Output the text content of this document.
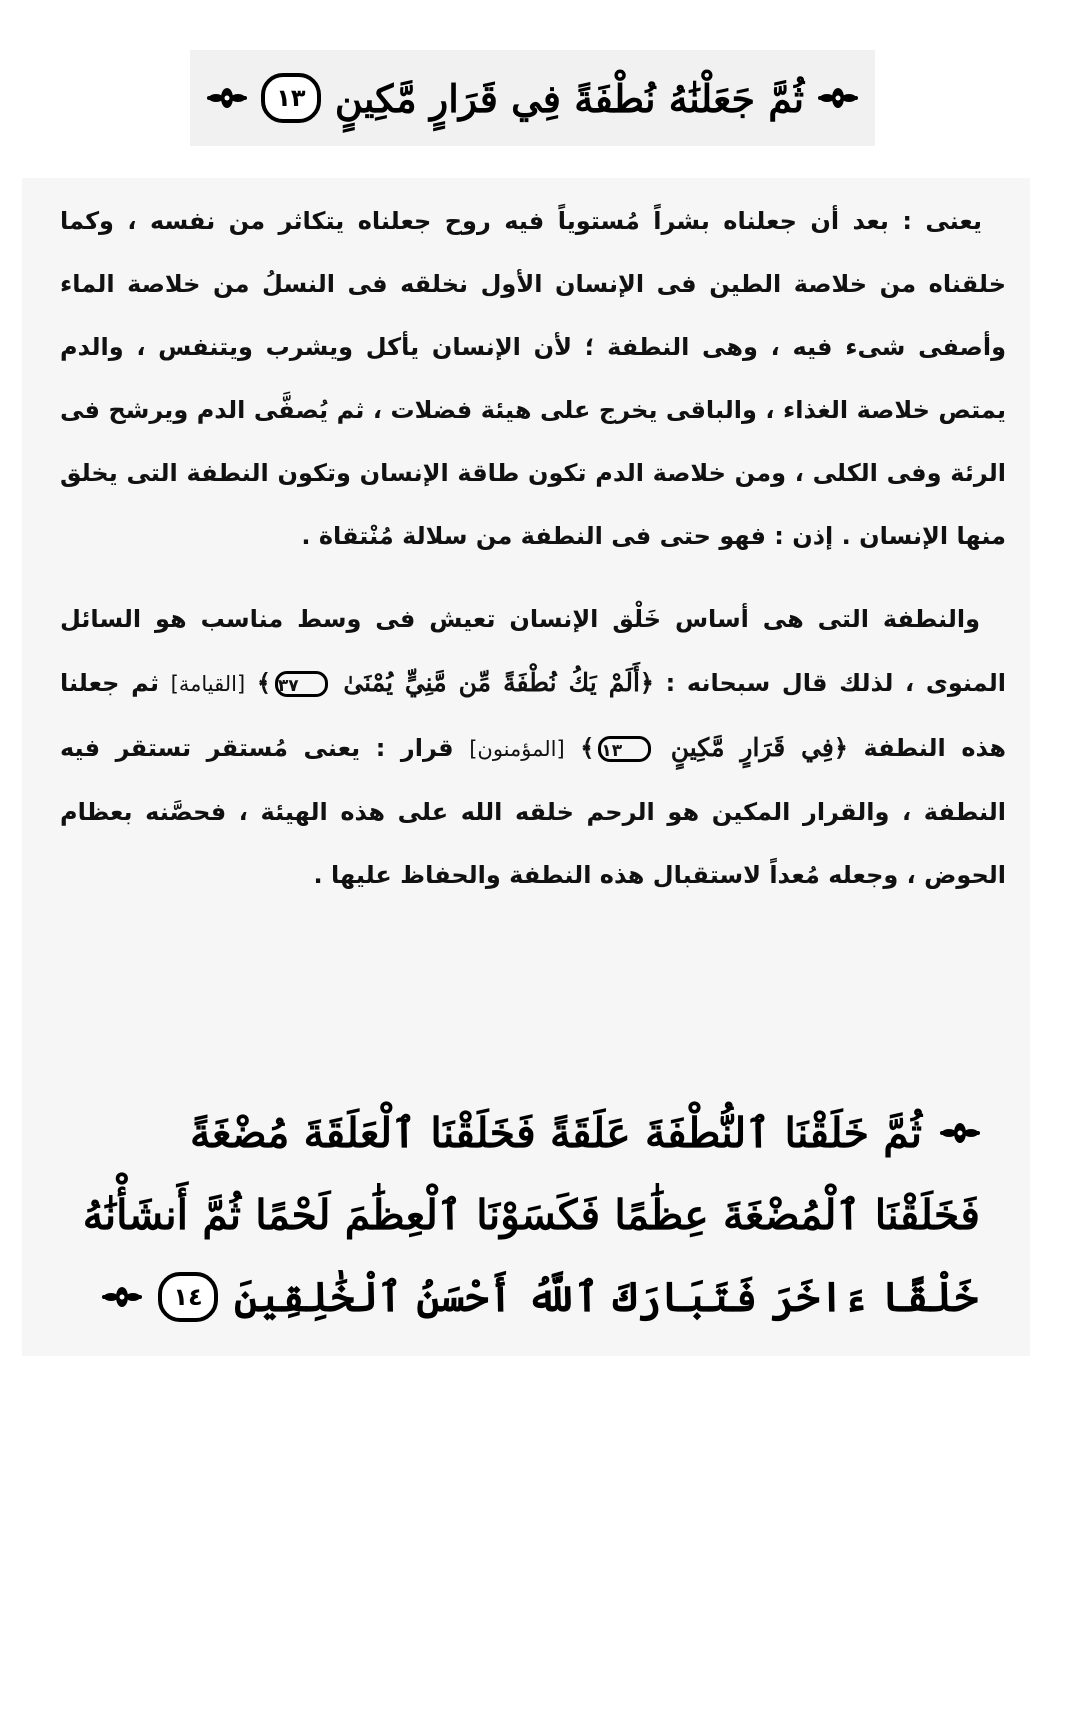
ثُمَّ جَعَلْنَٰهُ نُطْفَةً فِي قَرَارٍ مَّكِينٍ
١٣

يعنى : بعد أن جعلناه بشراً مُستوياً فيه روح جعلناه يتكاثر من نفسه ، وكما خلقناه من خلاصة الطين فى الإنسان الأول نخلقه فى النسلُ من خلاصة الماء وأصفى شىء فيه ، وهى النطفة ؛ لأن الإنسان يأكل ويشرب ويتنفس ، والدم يمتص خلاصة الغذاء ، والباقى يخرج على هيئة فضلات ، ثم يُصفَّى الدم ويرشح فى الرئة وفى الكلى ، ومن خلاصة الدم تكون طاقة الإنسان وتكون النطفة التى يخلق منها الإنسان . إذن : فهو حتى فى النطفة من سلالة مُنْتقاة .

والنطفة التى هى أساس خَلْق الإنسان تعيش فى وسط مناسب هو السائل المنوى ، لذلك قال سبحانه : ﴿أَلَمْ يَكُ نُطْفَةً مِّن مَّنِيٍّ يُمْنَىٰ ٣٧﴾ [القيامة] ثم جعلنا هذه النطفة ﴿فِي قَرَارٍ مَّكِينٍ ١٣﴾ [المؤمنون] قرار : يعنى مُستقر تستقر فيه النطفة ، والقرار المكين هو الرحم خلقه الله على هذه الهيئة ، فحصَّنه بعظام الحوض ، وجعله مُعداً لاستقبال هذه النطفة والحفاظ عليها .

ثُمَّ خَلَقْنَا ٱلنُّطْفَةَ عَلَقَةً فَخَلَقْنَا ٱلْعَلَقَةَ مُضْغَةً
فَخَلَقْنَا ٱلْمُضْغَةَ عِظَٰمًا فَكَسَوْنَا ٱلْعِظَٰمَ لَحْمًا ثُمَّ أَنشَأْنَٰهُ
خَلْقًا ءَاخَرَ فَتَبَارَكَ ٱللَّهُ أَحْسَنُ ٱلْخَٰلِقِينَ
١٤
